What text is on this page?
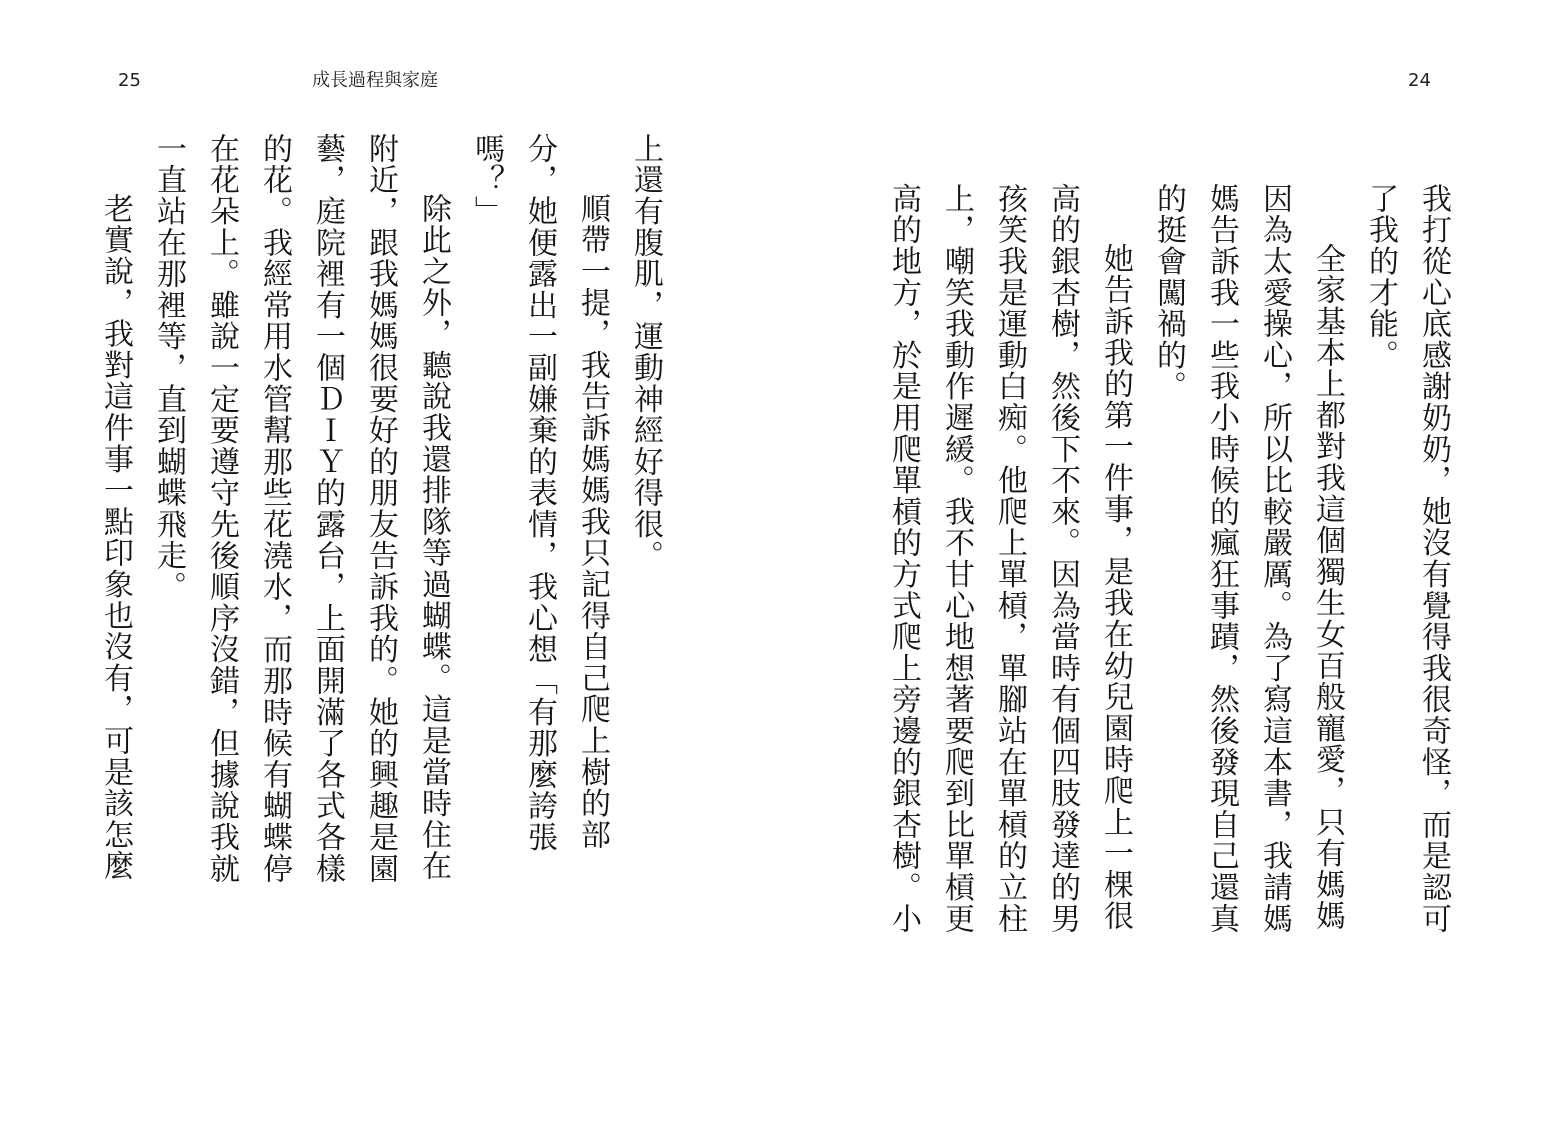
25	成長過程與家庭

上還有腹肌，運動神經好得很。

順帶一提，我告訴媽媽我只記得自己爬上樹的部分，她便露出一副嫌棄的表情，我心想「有那麼誇張嗎？」

除此之外，聽說我還排隊等過蝴蝶。這是當時住在附近，跟我媽媽很要好的朋友告訴我的。她的興趣是園藝，庭院裡有一個ＤＩＹ的露台，上面開滿了各式各樣的花。我經常用水管幫那些花澆水，而那時候有蝴蝶停在花朵上。雖說一定要遵守先後順序沒錯，但據說我就一直站在那裡等，直到蝴蝶飛走。

老實說，我對這件事一點印象也沒有，可是該怎麼

24

我打從心底感謝奶奶，她沒有覺得我很奇怪，而是認可了我的才能。

全家基本上都對我這個獨生女百般寵愛，只有媽媽因為太愛操心，所以比較嚴厲。為了寫這本書，我請媽媽告訴我一些我小時候的瘋狂事蹟，然後發現自己還真的挺會闖禍的。

她告訴我的第一件事，是我在幼兒園時爬上一棵很高的銀杏樹，然後下不來。因為當時有個四肢發達的男孩笑我是運動白痴。他爬上單槓，單腳站在單槓的立柱上，嘲笑我動作遲緩。我不甘心地想著要爬到比單槓更高的地方，於是用爬單槓的方式爬上旁邊的銀杏樹。小
